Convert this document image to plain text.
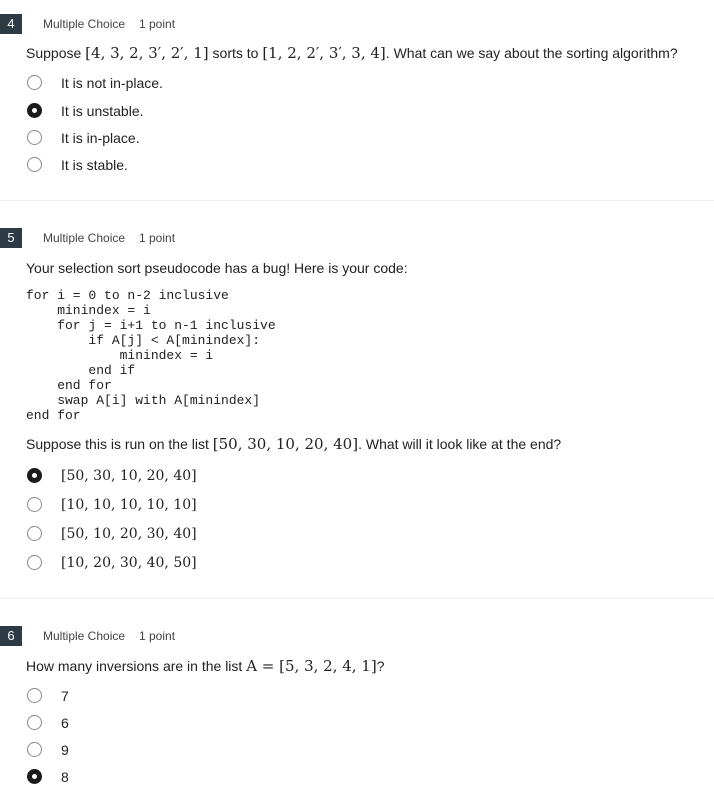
4	Multiple Choice 1 point
Suppose [4, 3, 2, 3′, 2′, 1] sorts to [1, 2, 2′, 3′, 3, 4]. What can we say about the sorting algorithm?
It is not in-place.
It is unstable.
It is in-place.
It is stable.
5	Multiple Choice 1 point
Your selection sort pseudocode has a bug! Here is your code:
for i = 0 to n-2 inclusive
minindex = i
for j = i+1 to n-1 inclusive
if A[j] < A[minindex]:
minindex = i
end if
end for
swap A[i] with A[minindex]
end for
Suppose this is run on the list [50, 30, 10, 20, 40]. What will it look like at the end?
[50, 30, 10, 20, 40]
[10, 10, 10, 10, 10]
[50, 10, 20, 30, 40]
[10, 20, 30, 40, 50]
6	Multiple Choice 1 point
How many inversions are in the list A = [5, 3, 2, 4, 1]?
7
6
9
8
